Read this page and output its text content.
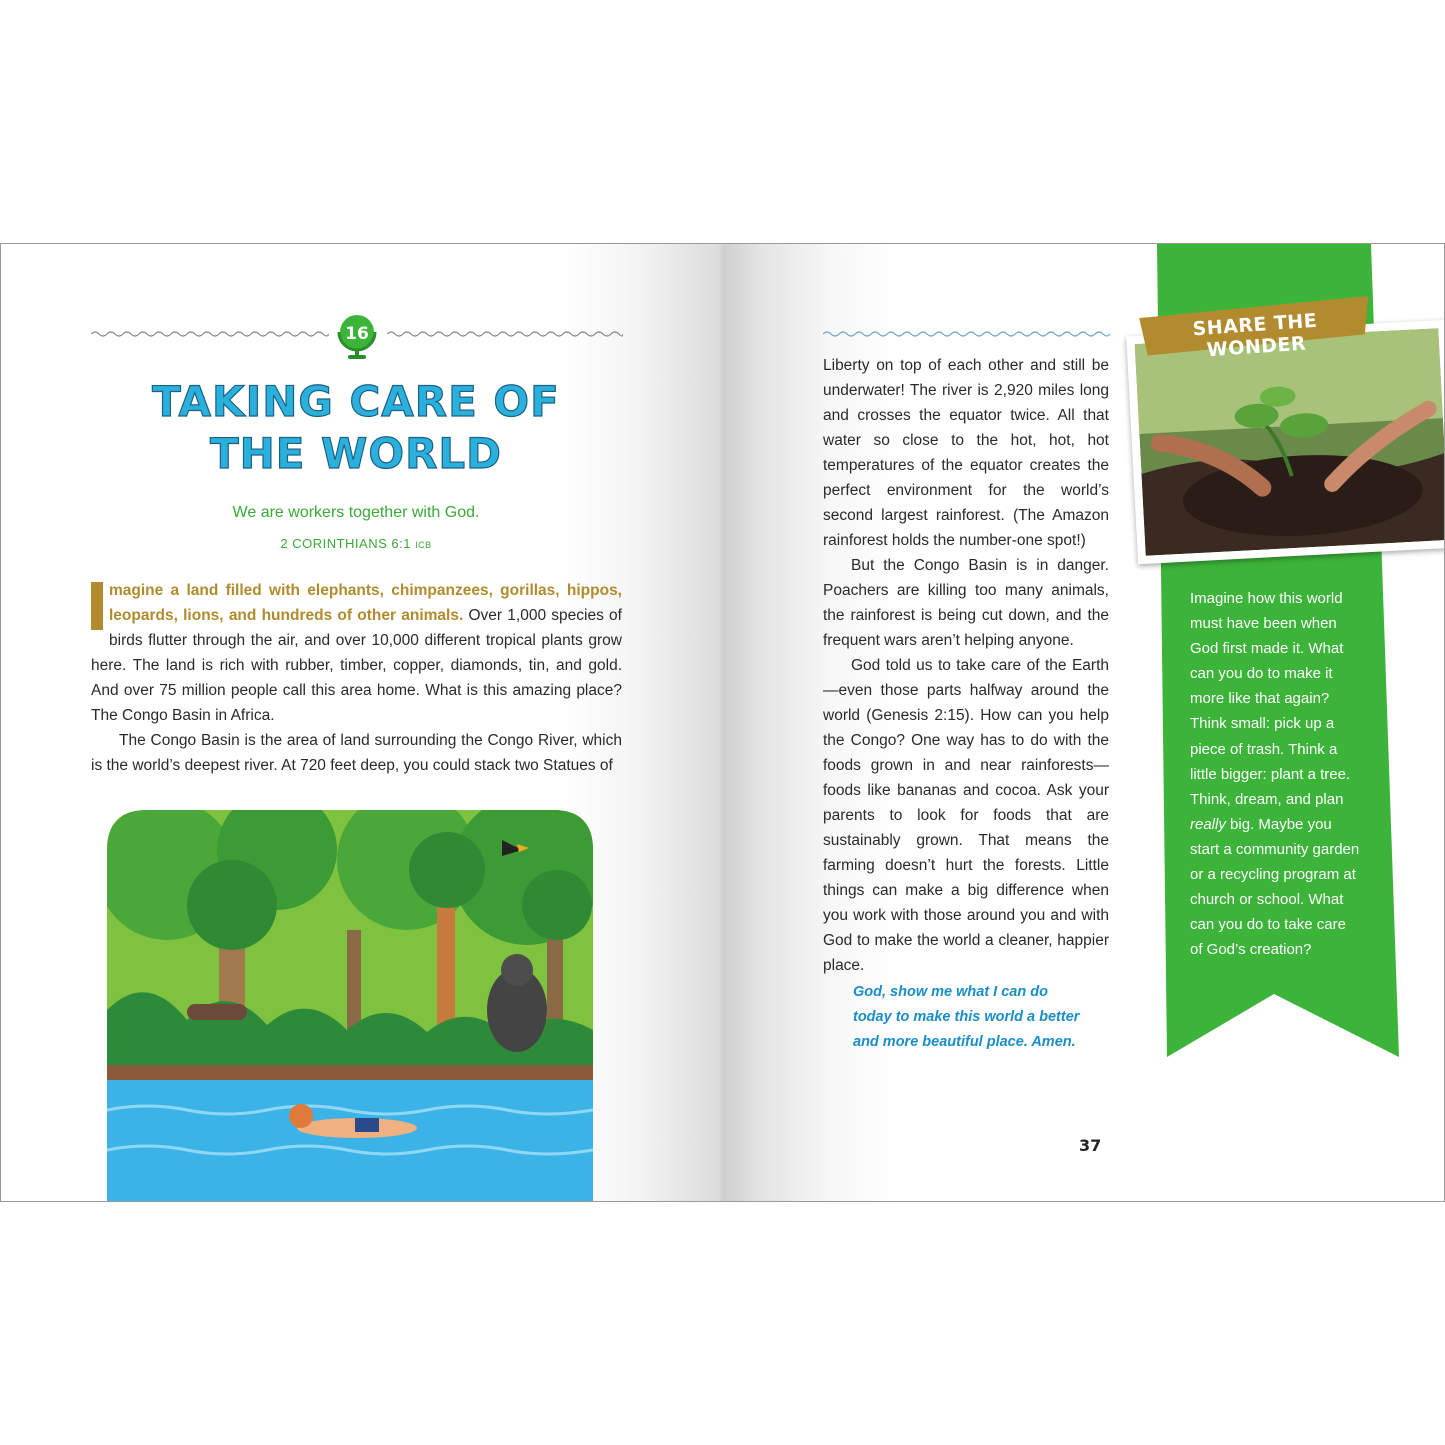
16
TAKING CARE OF
THE WORLD
We are workers together with God.
2 CORINTHIANS 6:1 ICB

magine a land filled with elephants, chimpanzees, gorillas, hippos, leopards, lions, and hundreds of other animals. Over 1,000 species of birds flutter through the air, and over 10,000 different tropical plants grow here. The land is rich with rubber, timber, copper, diamonds, tin, and gold. And over 75 million people call this area home. What is this amazing place? The Congo Basin in Africa.

The Congo Basin is the area of land surrounding the Congo River, which is the world’s deepest river. At 720 feet deep, you could stack two Statues of

Liberty on top of each other and still be underwater! The river is 2,920 miles long and crosses the equator twice. All that water so close to the hot, hot, hot temperatures of the equator creates the perfect environment for the world’s second largest rainforest. (The Amazon rainforest holds the number-one spot!)

But the Congo Basin is in danger. Poachers are killing too many animals, the rainforest is being cut down, and the frequent wars aren’t helping anyone.

God told us to take care of the Earth—even those parts halfway around the world (Genesis 2:15). How can you help the Congo? One way has to do with the foods grown in and near rainforests—foods like bananas and cocoa. Ask your parents to look for foods that are sustainably grown. That means the farming doesn’t hurt the forests. Little things can make a big difference when you work with those around you and with God to make the world a cleaner, happier place.

God, show me what I can do today to make this world a better and more beautiful place. Amen.
37
SHARE THE WONDER
Imagine how this world must have been when God first made it. What can you do to make it more like that again? Think small: pick up a piece of trash. Think a little bigger: plant a tree. Think, dream, and plan really big. Maybe you start a community garden or a recycling program at church or school. What can you do to take care of God’s creation?
